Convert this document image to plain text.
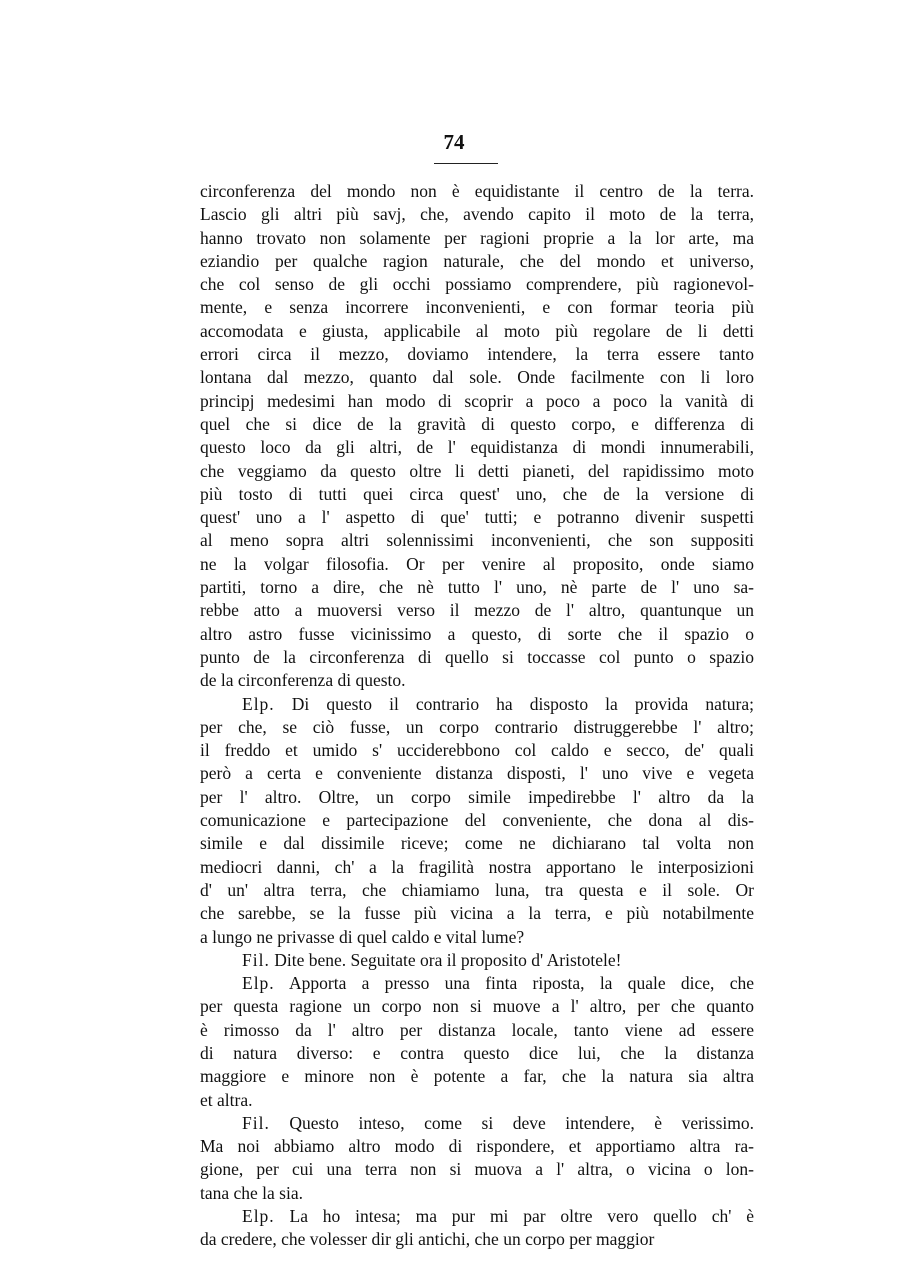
74
circonferenza del mondo non è equidistante il centro de la terra.
Lascio gli altri più savj, che, avendo capito il moto de la terra,
hanno trovato non solamente per ragioni proprie a la lor arte, ma
eziandio per qualche ragion naturale, che del mondo et universo,
che col senso de gli occhi possiamo comprendere, più ragionevol-
mente, e senza incorrere inconvenienti, e con formar teoria più
accomodata e giusta, applicabile al moto più regolare de li detti
errori circa il mezzo, doviamo intendere, la terra essere tanto
lontana dal mezzo, quanto dal sole. Onde facilmente con li loro
principj medesimi han modo di scoprir a poco a poco la vanità di
quel che si dice de la gravità di questo corpo, e differenza di
questo loco da gli altri, de l' equidistanza di mondi innumerabili,
che veggiamo da questo oltre li detti pianeti, del rapidissimo moto
più tosto di tutti quei circa quest' uno, che de la versione di
quest' uno a l' aspetto di que' tutti; e potranno divenir suspetti
al meno sopra altri solennissimi inconvenienti, che son suppositi
ne la volgar filosofia. Or per venire al proposito, onde siamo
partiti, torno a dire, che nè tutto l' uno, nè parte de l' uno sa-
rebbe atto a muoversi verso il mezzo de l' altro, quantunque un
altro astro fusse vicinissimo a questo, di sorte che il spazio o
punto de la circonferenza di quello si toccasse col punto o spazio
de la circonferenza di questo.
Elp. Di questo il contrario ha disposto la provida natura;
per che, se ciò fusse, un corpo contrario distruggerebbe l' altro;
il freddo et umido s' ucciderebbono col caldo e secco, de' quali
però a certa e conveniente distanza disposti, l' uno vive e vegeta
per l' altro. Oltre, un corpo simile impedirebbe l' altro da la
comunicazione e partecipazione del conveniente, che dona al dis-
simile e dal dissimile riceve; come ne dichiarano tal volta non
mediocri danni, ch' a la fragilità nostra apportano le interposizioni
d' un' altra terra, che chiamiamo luna, tra questa e il sole. Or
che sarebbe, se la fusse più vicina a la terra, e più notabilmente
a lungo ne privasse di quel caldo e vital lume?
Fil. Dite bene. Seguitate ora il proposito d' Aristotele!
Elp. Apporta a presso una finta riposta, la quale dice, che
per questa ragione un corpo non si muove a l' altro, per che quanto
è rimosso da l' altro per distanza locale, tanto viene ad essere
di natura diverso: e contra questo dice lui, che la distanza
maggiore e minore non è potente a far, che la natura sia altra
et altra.
Fil. Questo inteso, come si deve intendere, è verissimo.
Ma noi abbiamo altro modo di rispondere, et apportiamo altra ra-
gione, per cui una terra non si muova a l' altra, o vicina o lon-
tana che la sia.
Elp. La ho intesa; ma pur mi par oltre vero quello ch' è
da credere, che volesser dir gli antichi, che un corpo per maggior
